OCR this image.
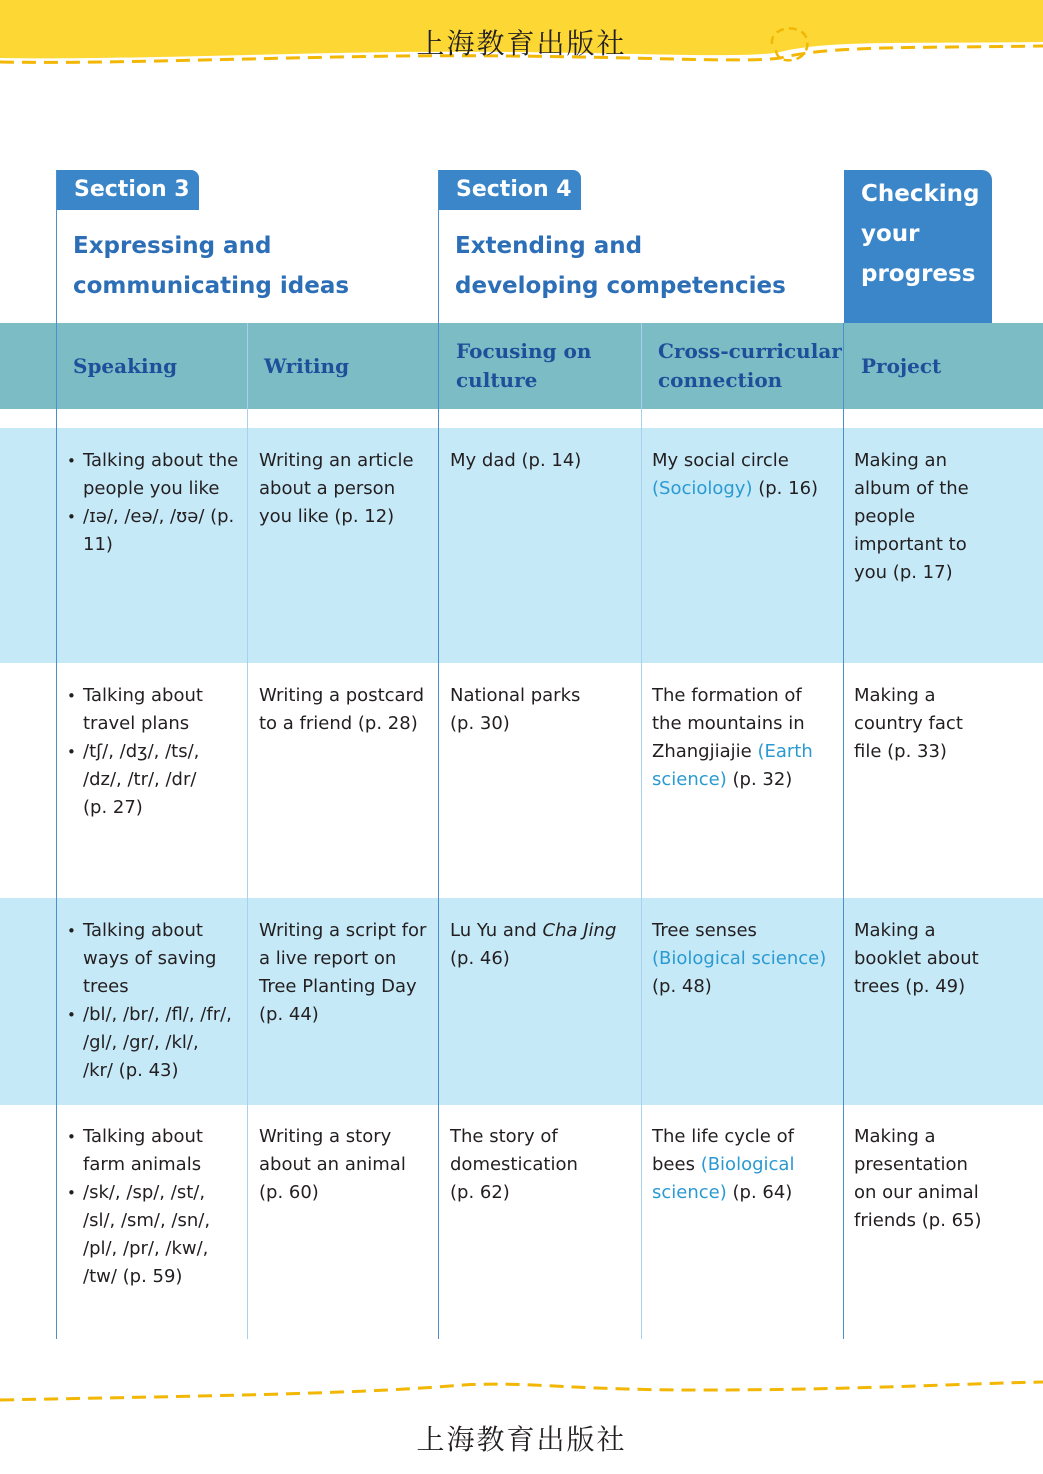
上海教育出版社
Section 3
Expressing and
communicating ideas
Section 4
Extending and
developing competencies
Checking
your
progress
Speaking	Writing
Focusing on
culture
Cross-curricular
connection
Project
• Talking about the people you like
• /ɪə/, /eə/, /ʊə/ (p. 11)
Writing an article about a person you like (p. 12)
My dad (p. 14)	My social circle (Sociology) (p. 16)
Making an album of the people important to you (p. 17)
• Talking about travel plans
• /tʃ/, /dʒ/, /ts/, /dz/, /tr/, /dr/ (p. 27)
Writing a postcard to a friend (p. 28)
National parks (p. 30)
The formation of the mountains in Zhangjiajie (Earth science) (p. 32)
Making a country fact file (p. 33)
• Talking about ways of saving trees
• /bl/, /br/, /fl/, /fr/, /gl/, /gr/, /kl/, /kr/ (p. 43)
Writing a script for a live report on Tree Planting Day (p. 44)
Lu Yu and Cha Jing (p. 46)
Tree senses (Biological science) (p. 48)
Making a booklet about trees (p. 49)
• Talking about farm animals
• /sk/, /sp/, /st/, /sl/, /sm/, /sn/, /pl/, /pr/, /kw/, /tw/ (p. 59)
Writing a story about an animal (p. 60)
The story of domestication (p. 62)
The life cycle of bees (Biological science) (p. 64)
Making a presentation on our animal friends (p. 65)
上海教育出版社
